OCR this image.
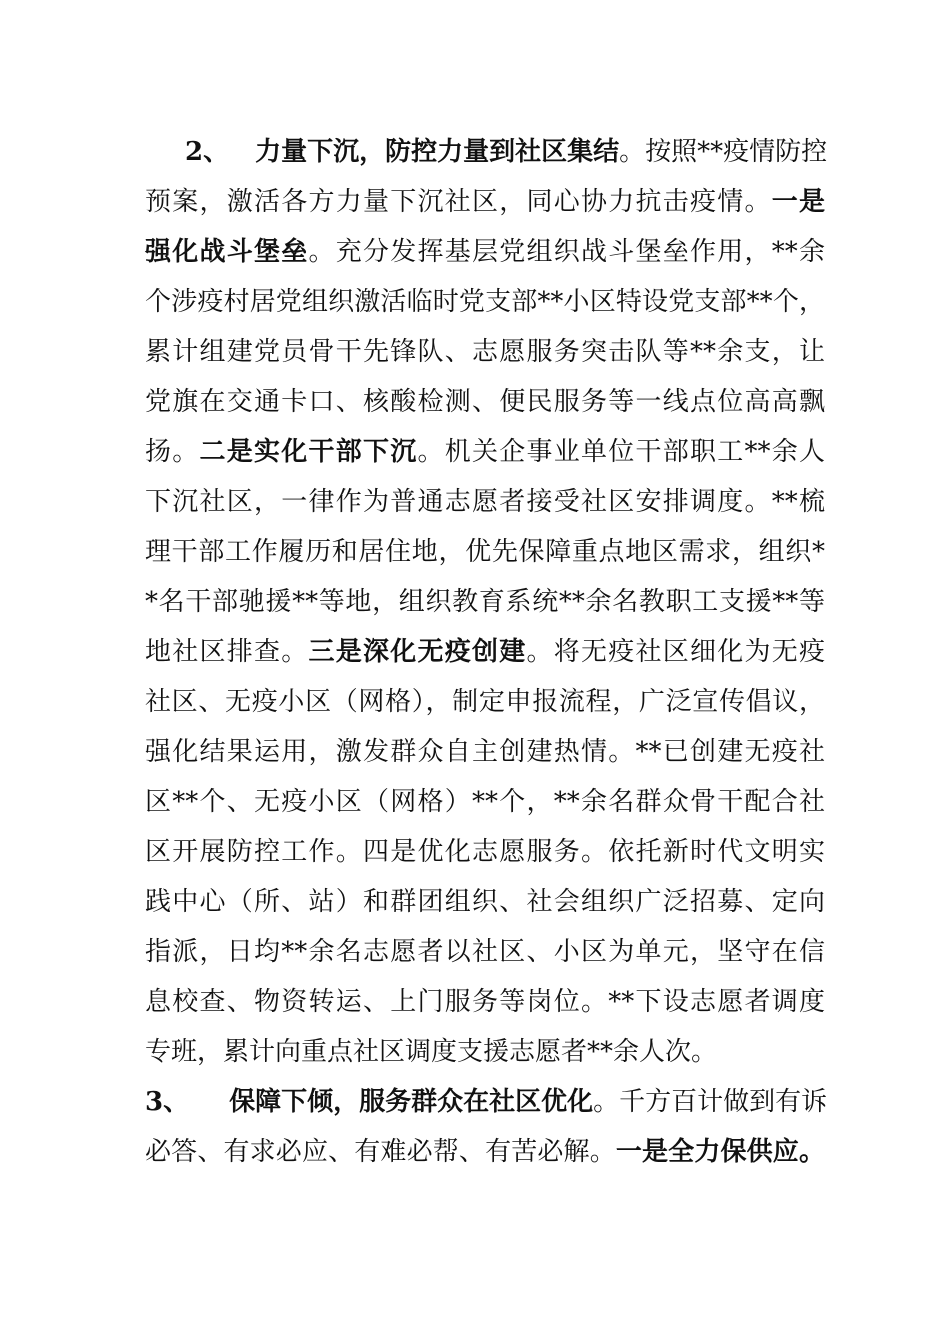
2、 力量下沉，防控力量到社区集结。按照**疫情防控
预案，激活各方力量下沉社区，同心协力抗击疫情。一是
强化战斗堡垒。充分发挥基层党组织战斗堡垒作用，**余
个涉疫村居党组织激活临时党支部**小区特设党支部**个，
累计组建党员骨干先锋队、志愿服务突击队等**余支，让
党旗在交通卡口、核酸检测、便民服务等一线点位高高飘
扬。二是实化干部下沉。机关企事业单位干部职工**余人
下沉社区，一律作为普通志愿者接受社区安排调度。**梳
理干部工作履历和居住地，优先保障重点地区需求，组织*
*名干部驰援**等地，组织教育系统**余名教职工支援**等
地社区排查。三是深化无疫创建。将无疫社区细化为无疫
社区、无疫小区（网格），制定申报流程，广泛宣传倡议，
强化结果运用，激发群众自主创建热情。**已创建无疫社
区**个、无疫小区（网格）**个，**余名群众骨干配合社
区开展防控工作。四是优化志愿服务。依托新时代文明实
践中心（所、站）和群团组织、社会组织广泛招募、定向
指派，日均**余名志愿者以社区、小区为单元，坚守在信
息校查、物资转运、上门服务等岗位。**下设志愿者调度
专班，累计向重点社区调度支援志愿者**余人次。
3、 保障下倾，服务群众在社区优化。千方百计做到有诉
必答、有求必应、有难必帮、有苦必解。一是全力保供应。
